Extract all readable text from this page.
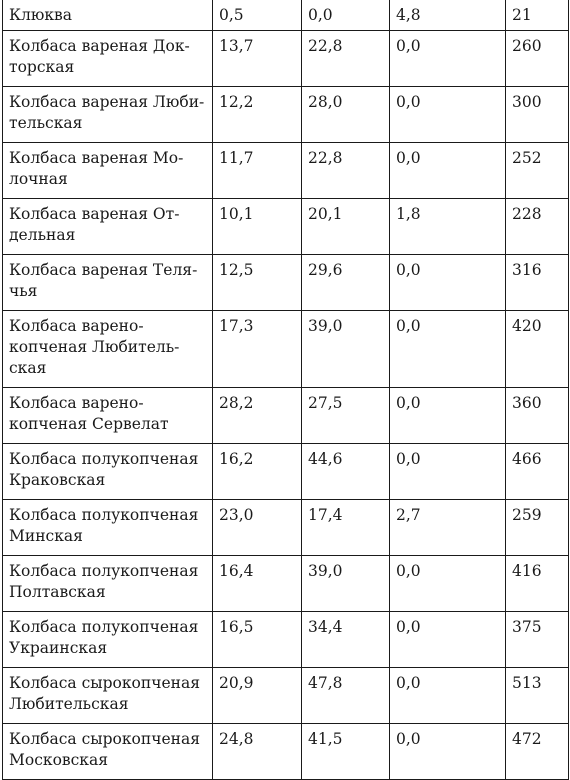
Клюква	0,5	0,0	4,8	21
Колбаса вареная Док-
торская	13,7	22,8	0,0	260
Колбаса вареная Люби-
тельская	12,2	28,0	0,0	300
Колбаса вареная Мо-
лочная	11,7	22,8	0,0	252
Колбаса вареная От-
дельная	10,1	20,1	1,8	228
Колбаса вареная Теля-
чья	12,5	29,6	0,0	316
Колбаса варено-
копченая Любитель-
ская	17,3	39,0	0,0	420
Колбаса варено-
копченая Сервелат	28,2	27,5	0,0	360
Колбаса полукопченая
Краковская	16,2	44,6	0,0	466
Колбаса полукопченая
Минская	23,0	17,4	2,7	259
Колбаса полукопченая
Полтавская	16,4	39,0	0,0	416
Колбаса полукопченая
Украинская	16,5	34,4	0,0	375
Колбаса сырокопченая
Любительская	20,9	47,8	0,0	513
Колбаса сырокопченая
Московская	24,8	41,5	0,0	472
